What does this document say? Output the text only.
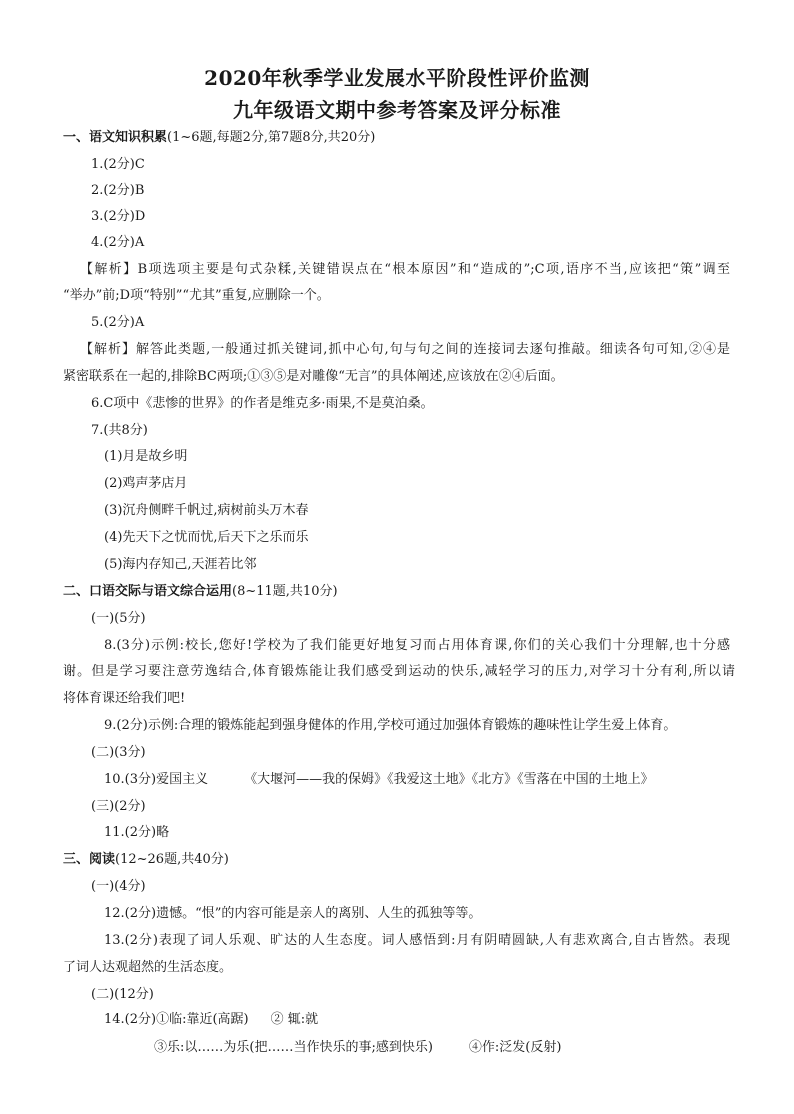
2020年秋季学业发展水平阶段性评价监测
九年级语文期中参考答案及评分标准
一、语文知识积累(1~6题,每题2分,第7题8分,共20分)
1.(2分)C
2.(2分)B
3.(2分)D
4.(2分)A
【解析】B项选项主要是句式杂糅,关键错误点在“根本原因”和“造成的”;C项,语序不当,应该把“策”调至
“举办”前;D项“特别”“尤其”重复,应删除一个。
5.(2分)A
【解析】解答此类题,一般通过抓关键词,抓中心句,句与句之间的连接词去逐句推敲。细读各句可知,②④是
紧密联系在一起的,排除BC两项;①③⑤是对雕像“无言”的具体阐述,应该放在②④后面。
6.C项中《悲惨的世界》的作者是维克多·雨果,不是莫泊桑。
7.(共8分)
(1)月是故乡明
(2)鸡声茅店月
(3)沉舟侧畔千帆过,病树前头万木春
(4)先天下之忧而忧,后天下之乐而乐
(5)海内存知己,天涯若比邻
二、口语交际与语文综合运用(8~11题,共10分)
(一)(5分)
8.(3分)示例:校长,您好!学校为了我们能更好地复习而占用体育课,你们的关心我们十分理解,也十分感
谢。但是学习要注意劳逸结合,体育锻炼能让我们感受到运动的快乐,减轻学习的压力,对学习十分有利,所以请
将体育课还给我们吧!
9.(2分)示例:合理的锻炼能起到强身健体的作用,学校可通过加强体育锻炼的趣味性让学生爱上体育。
(二)(3分)
10.(3分)爱国主义	《大堰河——我的保姆》《我爱这土地》《北方》《雪落在中国的土地上》
(三)(2分)
11.(2分)略
三、阅读(12~26题,共40分)
(一)(4分)
12.(2分)遗憾。“恨”的内容可能是亲人的离别、人生的孤独等等。
13.(2分)表现了词人乐观、旷达的人生态度。词人感悟到:月有阴晴圆缺,人有悲欢离合,自古皆然。表现
了词人达观超然的生活态度。
(二)(12分)
14.(2分)①临:靠近(高踞) ② 辄:就
③乐:以……为乐(把……当作快乐的事;感到快乐)	④作:泛发(反射)
